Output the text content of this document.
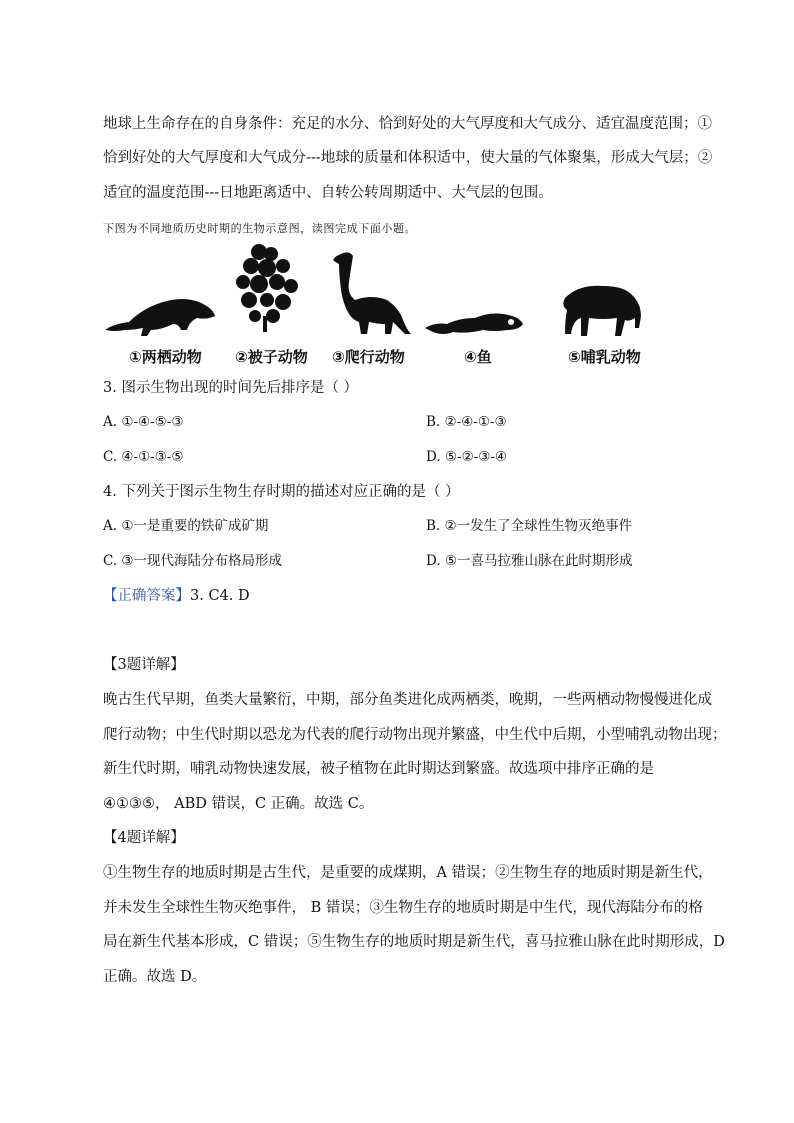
地球上生命存在的自身条件：充足的水分、恰到好处的大气厚度和大气成分、适宜温度范围；①
恰到好处的大气厚度和大气成分---地球的质量和体积适中，使大量的气体聚集，形成大气层；②
适宜的温度范围---日地距离适中、自转公转周期适中、大气层的包围。
下图为不同地质历史时期的生物示意图，读图完成下面小题。
①两栖动物 ②被子动物 ③爬行动物	④鱼	⑤哺乳动物
3. 图示生物出现的时间先后排序是（ ）
A. ①-④-⑤-③	B. ②-④-①-③
C. ④-①-③-⑤	D. ⑤-②-③-④
4. 下列关于图示生物生存时期的描述对应正确的是（ ）
A. ①一是重要的铁矿成矿期	B. ②一发生了全球性生物灭绝事件
C. ③一现代海陆分布格局形成	D. ⑤一喜马拉雅山脉在此时期形成
【正确答案】3. C4. D
【3题详解】
晚古生代早期，鱼类大量繁衍，中期，部分鱼类进化成两栖类，晚期，一些两栖动物慢慢进化成
爬行动物；中生代时期以恐龙为代表的爬行动物出现并繁盛，中生代中后期，小型哺乳动物出现；
新生代时期，哺乳动物快速发展，被子植物在此时期达到繁盛。故选项中排序正确的是
④①③⑤， ABD 错误，C 正确。故选 C。
【4题详解】
①生物生存的地质时期是古生代，是重要的成煤期，A 错误；②生物生存的地质时期是新生代，
并未发生全球性生物灭绝事件， B 错误；③生物生存的地质时期是中生代，现代海陆分布的格
局在新生代基本形成，C 错误；⑤生物生存的地质时期是新生代，喜马拉雅山脉在此时期形成，D
正确。故选 D。
